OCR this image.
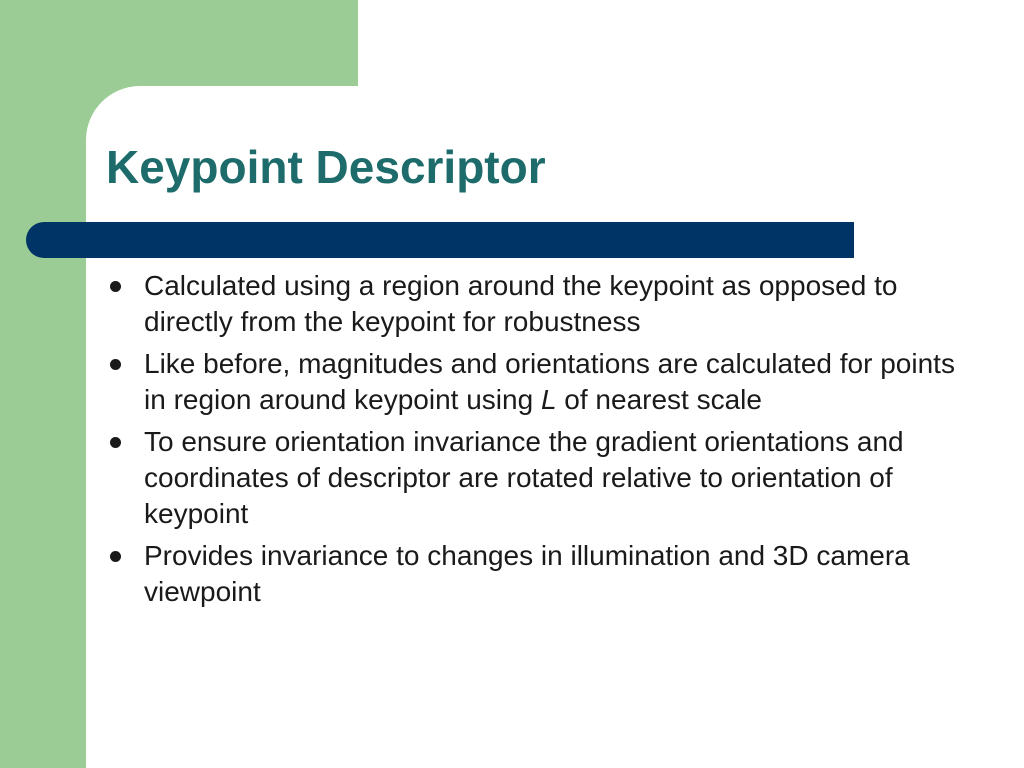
Keypoint Descriptor
Calculated using a region around the keypoint as opposed to directly from the keypoint for robustness
Like before, magnitudes and orientations are calculated for points in region around keypoint using L of nearest scale
To ensure orientation invariance the gradient orientations and coordinates of descriptor are rotated relative to orientation of keypoint
Provides invariance to changes in illumination and 3D camera viewpoint
